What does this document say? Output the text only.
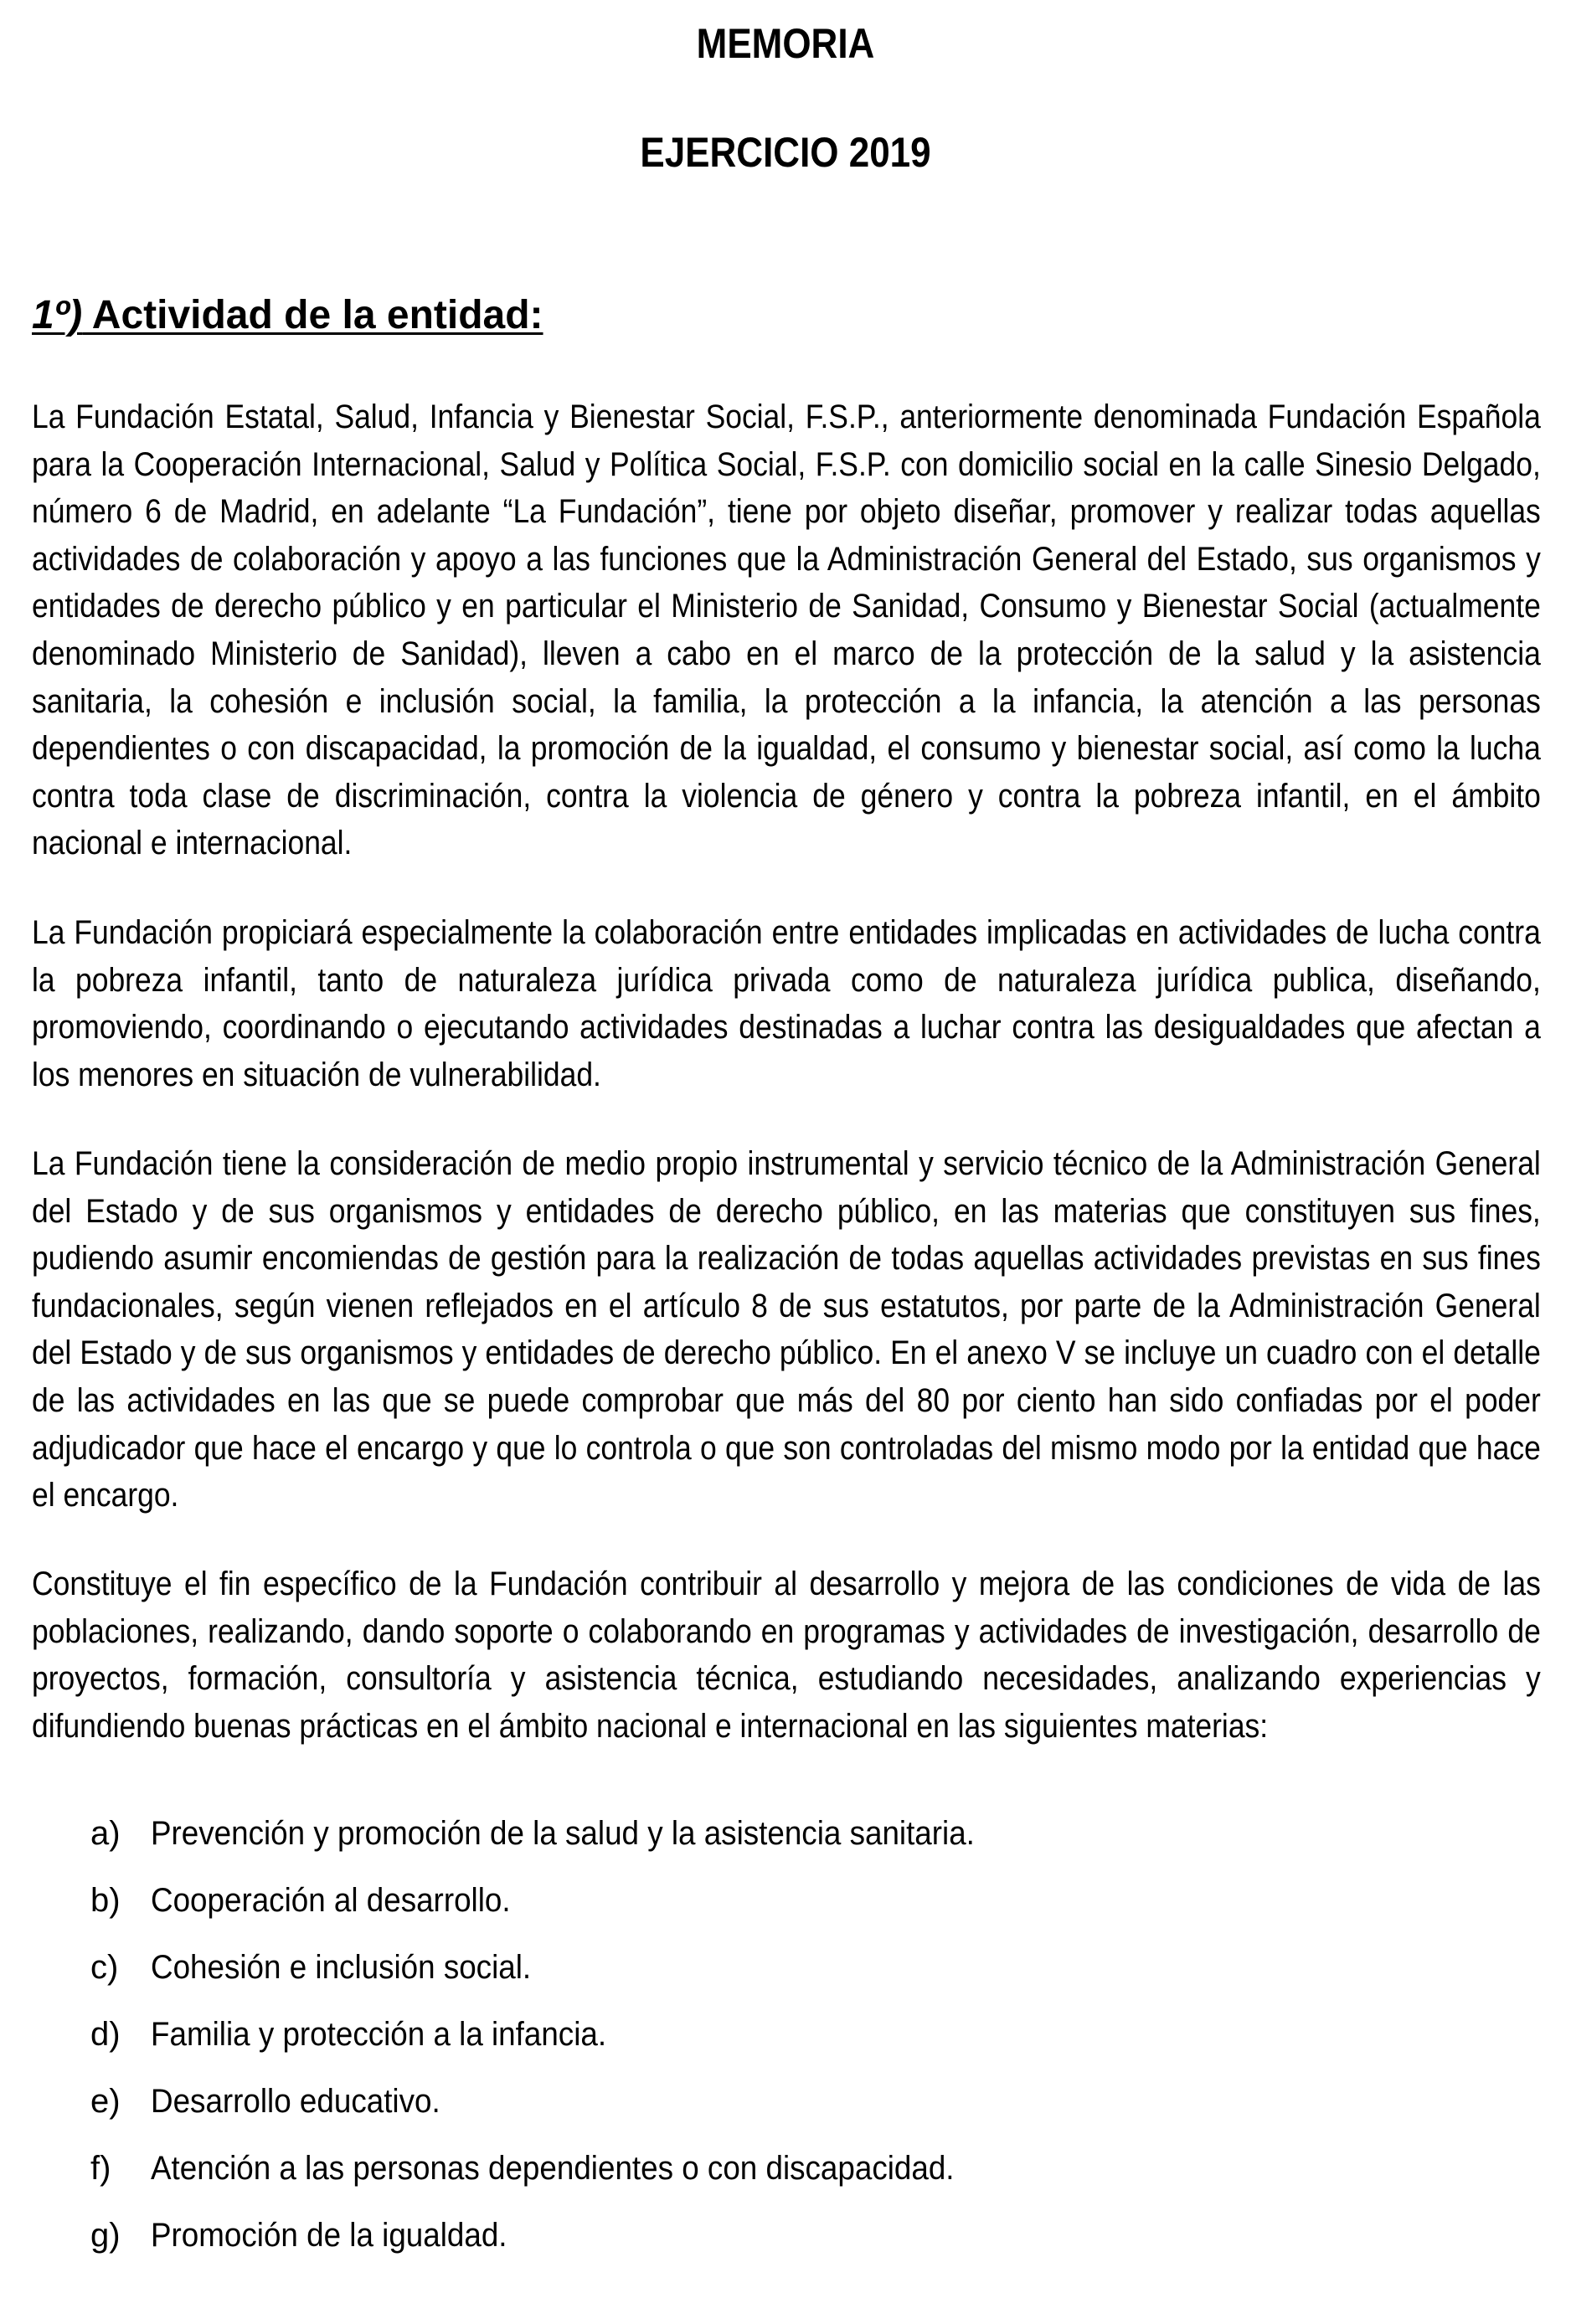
MEMORIA
EJERCICIO 2019
1º) Actividad de la entidad:
La Fundación Estatal, Salud, Infancia y Bienestar Social, F.S.P., anteriormente denominada Fundación Española para la Cooperación Internacional, Salud y Política Social, F.S.P. con domicilio social en la calle Sinesio Delgado, número 6 de Madrid, en adelante “La Fundación”, tiene por objeto diseñar, promover y realizar todas aquellas actividades de colaboración y apoyo a las funciones que la Administración General del Estado, sus organismos y entidades de derecho público y en particular el Ministerio de Sanidad, Consumo y Bienestar Social (actualmente denominado Ministerio de Sanidad), lleven a cabo en el marco de la protección de la salud y la asistencia sanitaria, la cohesión e inclusión social, la familia, la protección a la infancia, la atención a las personas dependientes o con discapacidad, la promoción de la igualdad, el consumo y bienestar social, así como la lucha contra toda clase de discriminación, contra la violencia de género y contra la pobreza infantil, en el ámbito nacional e internacional.
La Fundación propiciará especialmente la colaboración entre entidades implicadas en actividades de lucha contra la pobreza infantil, tanto de naturaleza jurídica privada como de naturaleza jurídica publica, diseñando, promoviendo, coordinando o ejecutando actividades destinadas a luchar contra las desigualdades que afectan a los menores en situación de vulnerabilidad.
La Fundación tiene la consideración de medio propio instrumental y servicio técnico de la Administración General del Estado y de sus organismos y entidades de derecho público, en las materias que constituyen sus fines, pudiendo asumir encomiendas de gestión para la realización de todas aquellas actividades previstas en sus fines fundacionales, según vienen reflejados en el artículo 8 de sus estatutos, por parte de la Administración General del Estado y de sus organismos y entidades de derecho público. En el anexo V se incluye un cuadro con el detalle de las actividades en las que se puede comprobar que más del 80 por ciento han sido confiadas por el poder adjudicador que hace el encargo y que lo controla o que son controladas del mismo modo por la entidad que hace el encargo.
Constituye el fin específico de la Fundación contribuir al desarrollo y mejora de las condiciones de vida de las poblaciones, realizando, dando soporte o colaborando en programas y actividades de investigación, desarrollo de proyectos, formación, consultoría y asistencia técnica, estudiando necesidades, analizando experiencias y difundiendo buenas prácticas en el ámbito nacional e internacional en las siguientes materias:
a) Prevención y promoción de la salud y la asistencia sanitaria.
b) Cooperación al desarrollo.
c) Cohesión e inclusión social.
d) Familia y protección a la infancia.
e) Desarrollo educativo.
f) Atención a las personas dependientes o con discapacidad.
g) Promoción de la igualdad.
